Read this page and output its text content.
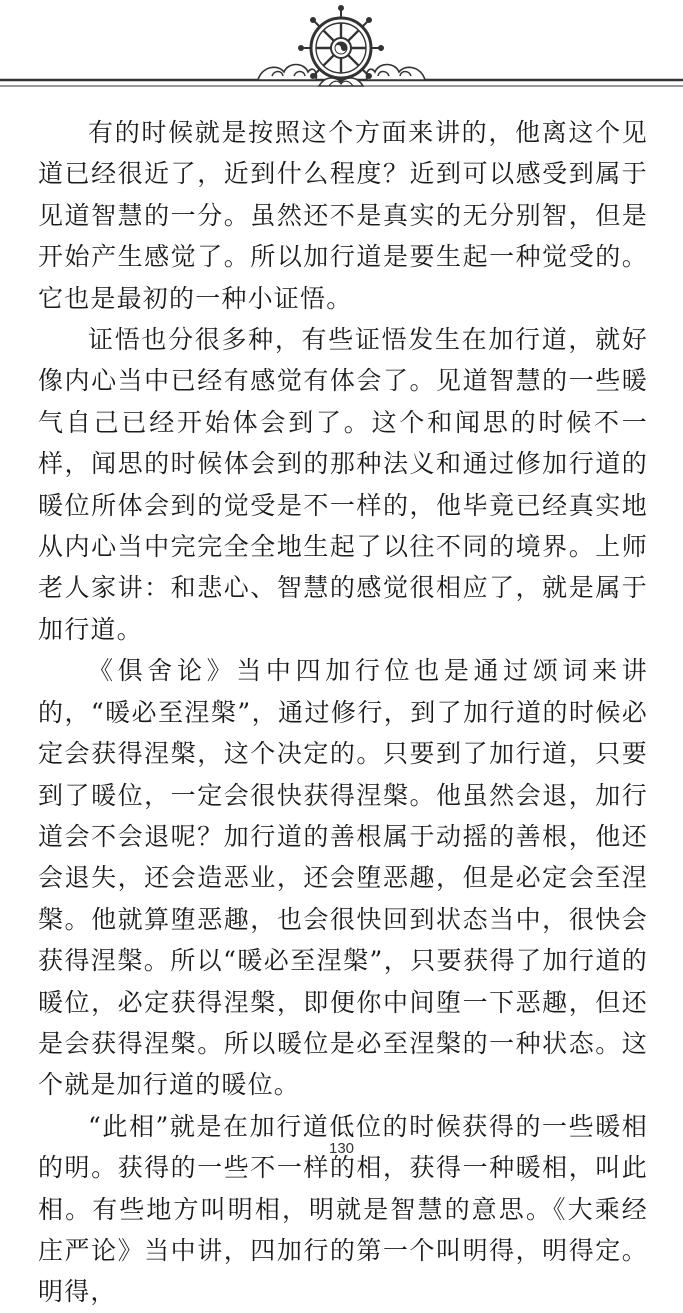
有的时候就是按照这个方面来讲的，他离这个见道已经很近了，近到什么程度？近到可以感受到属于见道智慧的一分。虽然还不是真实的无分别智，但是开始产生感觉了。所以加行道是要生起一种觉受的。它也是最初的一种小证悟。

证悟也分很多种，有些证悟发生在加行道，就好像内心当中已经有感觉有体会了。见道智慧的一些暖气自己已经开始体会到了。这个和闻思的时候不一样，闻思的时候体会到的那种法义和通过修加行道的暖位所体会到的觉受是不一样的，他毕竟已经真实地从内心当中完完全全地生起了以往不同的境界。上师老人家讲：和悲心、智慧的感觉很相应了，就是属于加行道。

《俱舍论》当中四加行位也是通过颂词来讲的，“暖必至涅槃”，通过修行，到了加行道的时候必定会获得涅槃，这个决定的。只要到了加行道，只要到了暖位，一定会很快获得涅槃。他虽然会退，加行道会不会退呢？加行道的善根属于动摇的善根，他还会退失，还会造恶业，还会堕恶趣，但是必定会至涅槃。他就算堕恶趣，也会很快回到状态当中，很快会获得涅槃。所以“暖必至涅槃”，只要获得了加行道的暖位，必定获得涅槃，即便你中间堕一下恶趣，但还是会获得涅槃。所以暖位是必至涅槃的一种状态。这个就是加行道的暖位。

“此相”就是在加行道低位的时候获得的一些暖相的明。获得的一些不一样的相，获得一种暖相，叫此相。有些地方叫明相，明就是智慧的意思。《大乘经庄严论》当中讲，四加行的第一个叫明得，明得定。明得，

130
